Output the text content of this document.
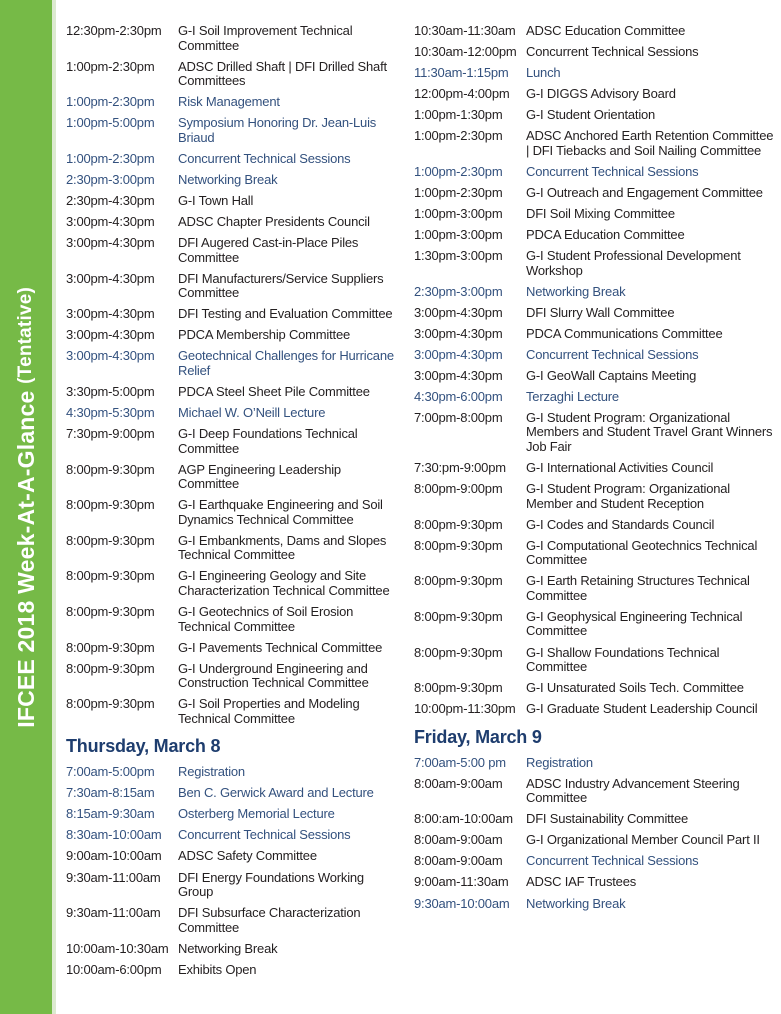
IFCEE 2018 Week-At-A-Glance (Tentative)
12:30pm-2:30pm	G-I Soil Improvement Technical Committee
1:00pm-2:30pm	ADSC Drilled Shaft | DFI Drilled Shaft Committees
1:00pm-2:30pm	Risk Management
1:00pm-5:00pm	Symposium Honoring Dr. Jean-Luis Briaud
1:00pm-2:30pm	Concurrent Technical Sessions
2:30pm-3:00pm	Networking Break
2:30pm-4:30pm	G-I Town Hall
3:00pm-4:30pm	ADSC Chapter Presidents Council
3:00pm-4:30pm	DFI Augered Cast-in-Place Piles Committee
3:00pm-4:30pm	DFI Manufacturers/Service Suppliers Committee
3:00pm-4:30pm	DFI Testing and Evaluation Committee
3:00pm-4:30pm	PDCA Membership Committee
3:00pm-4:30pm	Geotechnical Challenges for Hurricane Relief
3:30pm-5:00pm	PDCA Steel Sheet Pile Committee
4:30pm-5:30pm	Michael W. O’Neill Lecture
7:30pm-9:00pm	G-I Deep Foundations Technical Committee
8:00pm-9:30pm	AGP Engineering Leadership Committee
8:00pm-9:30pm	G-I Earthquake Engineering and Soil Dynamics Technical Committee
8:00pm-9:30pm	G-I Embankments, Dams and Slopes Technical Committee
8:00pm-9:30pm	G-I Engineering Geology and Site Characterization Technical Committee
8:00pm-9:30pm	G-I Geotechnics of Soil Erosion Technical Committee
8:00pm-9:30pm	G-I Pavements Technical Committee
8:00pm-9:30pm	G-I Underground Engineering and Construction Technical Committee
8:00pm-9:30pm	G-I Soil Properties and Modeling Technical Committee
Thursday, March 8
7:00am-5:00pm	Registration
7:30am-8:15am	Ben C. Gerwick Award and Lecture
8:15am-9:30am	Osterberg Memorial Lecture
8:30am-10:00am	Concurrent Technical Sessions
9:00am-10:00am	ADSC Safety Committee
9:30am-11:00am	DFI Energy Foundations Working Group
9:30am-11:00am	DFI Subsurface Characterization Committee
10:00am-10:30am Networking Break
10:00am-6:00pm	Exhibits Open
10:30am-11:30am ADSC Education Committee
10:30am-12:00pm Concurrent Technical Sessions
11:30am-1:15pm	Lunch
12:00pm-4:00pm	G-I DIGGS Advisory Board
1:00pm-1:30pm	G-I Student Orientation
1:00pm-2:30pm	ADSC Anchored Earth Retention Committee | DFI Tiebacks and Soil Nailing Committee
1:00pm-2:30pm	Concurrent Technical Sessions
1:00pm-2:30pm	G-I Outreach and Engagement Committee
1:00pm-3:00pm	DFI Soil Mixing Committee
1:00pm-3:00pm	PDCA Education Committee
1:30pm-3:00pm	G-I Student Professional Development Workshop
2:30pm-3:00pm	Networking Break
3:00pm-4:30pm	DFI Slurry Wall Committee
3:00pm-4:30pm	PDCA Communications Committee
3:00pm-4:30pm	Concurrent Technical Sessions
3:00pm-4:30pm	G-I GeoWall Captains Meeting
4:30pm-6:00pm	Terzaghi Lecture
7:00pm-8:00pm	G-I Student Program: Organizational Members and Student Travel Grant Winners Job Fair
7:30:pm-9:00pm	G-I International Activities Council
8:00pm-9:00pm	G-I Student Program: Organizational Member and Student Reception
8:00pm-9:30pm	G-I Codes and Standards Council
8:00pm-9:30pm	G-I Computational Geotechnics Technical Committee
8:00pm-9:30pm	G-I Earth Retaining Structures Technical Committee
8:00pm-9:30pm	G-I Geophysical Engineering Technical Committee
8:00pm-9:30pm	G-I Shallow Foundations Technical Committee
8:00pm-9:30pm	G-I Unsaturated Soils Tech. Committee
10:00pm-11:30pm G-I Graduate Student Leadership Council
Friday, March 9
7:00am-5:00 pm	Registration
8:00am-9:00am	ADSC Industry Advancement Steering Committee
8:00:am-10:00am	DFI Sustainability Committee
8:00am-9:00am	G-I Organizational Member Council Part II
8:00am-9:00am	Concurrent Technical Sessions
9:00am-11:30am	ADSC IAF Trustees
9:30am-10:00am	Networking Break
